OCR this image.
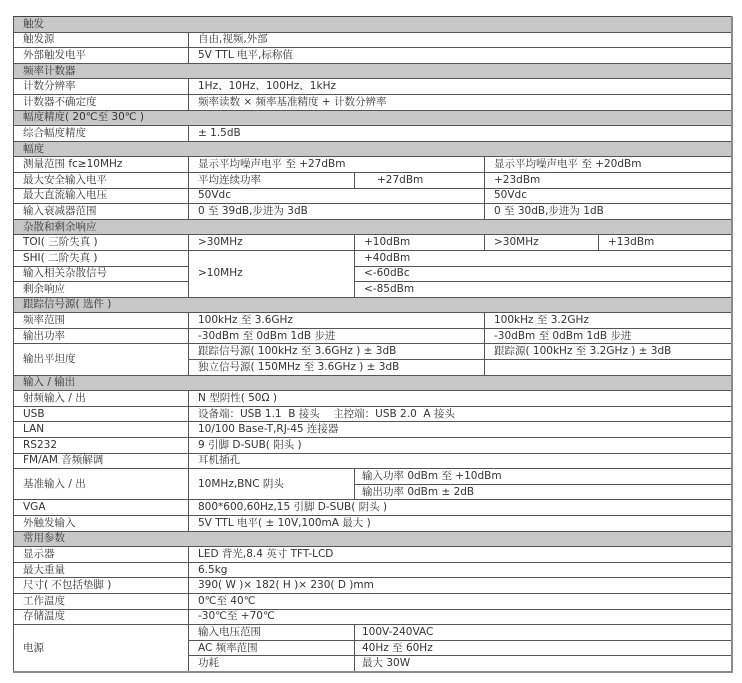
触发				
触发源	自由,视频,外部			
外部触发电平	5V TTL 电平,标称值			
频率计数器				
计数分辨率	1Hz、10Hz、100Hz、1kHz			
计数器不确定度	频率读数 × 频率基准精度 + 计数分辨率			
幅度精度( 20℃至 30℃ )				
综合幅度精度	± 1.5dB			
幅度				
测量范围 fc≥10MHz	显示平均噪声电平 至 +27dBm		显示平均噪声电平 至 +20dBm	
最大安全输入电平	平均连续功率	+27dBm	+23dBm	
最大直流输入电压	50Vdc		50Vdc	
输入衰减器范围	0 至 39dB,步进为 3dB		0 至 30dB,步进为 1dB	
杂散和剩余响应				
TOI( 三阶失真 )	>30MHz	+10dBm	>30MHz	+13dBm
SHI( 二阶失真 )	>10MHz	+40dBm		
输入相关杂散信号		<-60dBc		
剩余响应		<-85dBm		
跟踪信号源( 选件 )				
频率范围	100kHz 至 3.6GHz		100kHz 至 3.2GHz	
输出功率	-30dBm 至 0dBm 1dB 步进		-30dBm 至 0dBm 1dB 步进	
输出平坦度	跟踪信号源( 100kHz 至 3.6GHz ) ± 3dB		跟踪源( 100kHz 至 3.2GHz ) ± 3dB	
	独立信号源( 150MHz 至 3.6GHz ) ± 3dB			
输入 / 输出				
射频输入 / 出	N 型阴性( 50Ω )			
USB	设备端：USB 1.1  B 接头    主控端：USB 2.0  A 接头			
LAN	10/100 Base-T,RJ-45 连接器			
RS232	9 引脚 D-SUB( 阳头 )			
FM/AM 音频解调	耳机插孔			
基准输入 / 出	10MHz,BNC 阴头	输入功率 0dBm 至 +10dBm		
		输出功率 0dBm ± 2dB		
VGA	800*600,60Hz,15 引脚 D-SUB( 阴头 )			
外触发输入	5V TTL 电平( ± 10V,100mA 最大 )			
常用参数				
显示器	LED 背光,8.4 英寸 TFT-LCD			
最大重量	6.5kg			
尺寸( 不包括垫脚 )	390( W )× 182( H )× 230( D )mm			
工作温度	0℃至 40℃			
存储温度	-30℃至 +70℃			
电源	输入电压范围	100V-240VAC		
	AC 频率范围	40Hz 至 60Hz		
	功耗	最大 30W		
